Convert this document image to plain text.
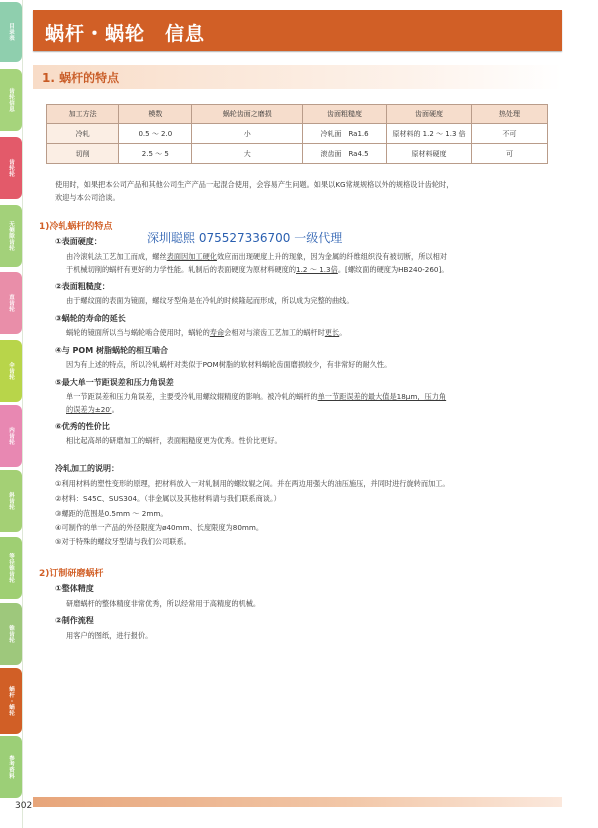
目录表
齿轮信息
齿轮轮
无侧隙齿轮
直齿轮
伞齿轮
内齿轮
斜齿轮
等径锥齿轮
锥齿轮
蜗杆・蜗轮
参考资料
蜗杆・蜗轮　信息
1. 蜗杆的特点
加工方法	模数	蜗轮齿面之磨损	齿面粗糙度	齿面硬度	热处理
冷轧	0.5 ～ 2.0	小	冷轧面　Ra1.6	原材料的 1.2 ～ 1.3 倍	不可
切削	2.5 ～ 5	大	滚齿面　Ra4.5	原材料硬度	可
使用时，如果把本公司产品和其他公司生产产品一起混合使用，会容易产生问题。如果以KG常规规格以外的规格设计齿轮时，
欢迎与本公司洽谈。
1)冷轧蜗杆的特点
深圳聪熙 075527336700 一级代理
①表面硬度：
由冷滚轧法工艺加工而成，螺丝表面因加工硬化效应而出现硬度上升的现象，因为金属的纤维组织没有被切断，所以相对
于机械切削的蜗杆有更好的力学性能。轧制后的表面硬度为原材料硬度的1.2 ～ 1.3倍。[螺纹面的硬度为HB240-260]。
②表面粗糙度：
由于螺纹面的表面为镜面，螺纹牙型角是在冷轧的时候隆起而形成，所以成为完整的曲线。
③蜗轮的寿命的延长
蜗轮的镜面所以当与蜗轮啮合使用时，蜗轮的寿命会相对与滚齿工艺加工的蜗杆时更长。
④与 POM 树脂蜗轮的相互啮合
因为有上述的特点，所以冷轧蜗杆对类似于POM树脂的软材料蜗轮齿面磨损较少，有非常好的耐久性。
⑤最大单一节距误差和压力角误差
单一节距误差和压力角误差，主要受冷轧用螺纹辊精度的影响。被冷轧的蜗杆的单一节距误差的最大值是18μm，压力角
的误差为±20′。
⑥优秀的性价比
相比起高昂的研磨加工的蜗杆，表面粗糙度更为优秀。性价比更好。
冷轧加工的说明：
①利用材料的塑性变形的原理，把材料放入一对轧制用的螺纹辊之间。并在两边用强大的油压施压，并同时进行旋转而加工。
②材料：S45C、SUS304。（非金属以及其他材料请与我们联系商谈。）
③螺距的范围是0.5mm ～ 2mm。
④可制作的单一产品的外径限度为ø40mm、长度限度为80mm。
⑤对于特殊的螺纹牙型请与我们公司联系。
2)订制研磨蜗杆
①整体精度
研磨蜗杆的整体精度非常优秀，所以经常用于高精度的机械。
②制作流程
用客户的图纸，进行报价。
302
